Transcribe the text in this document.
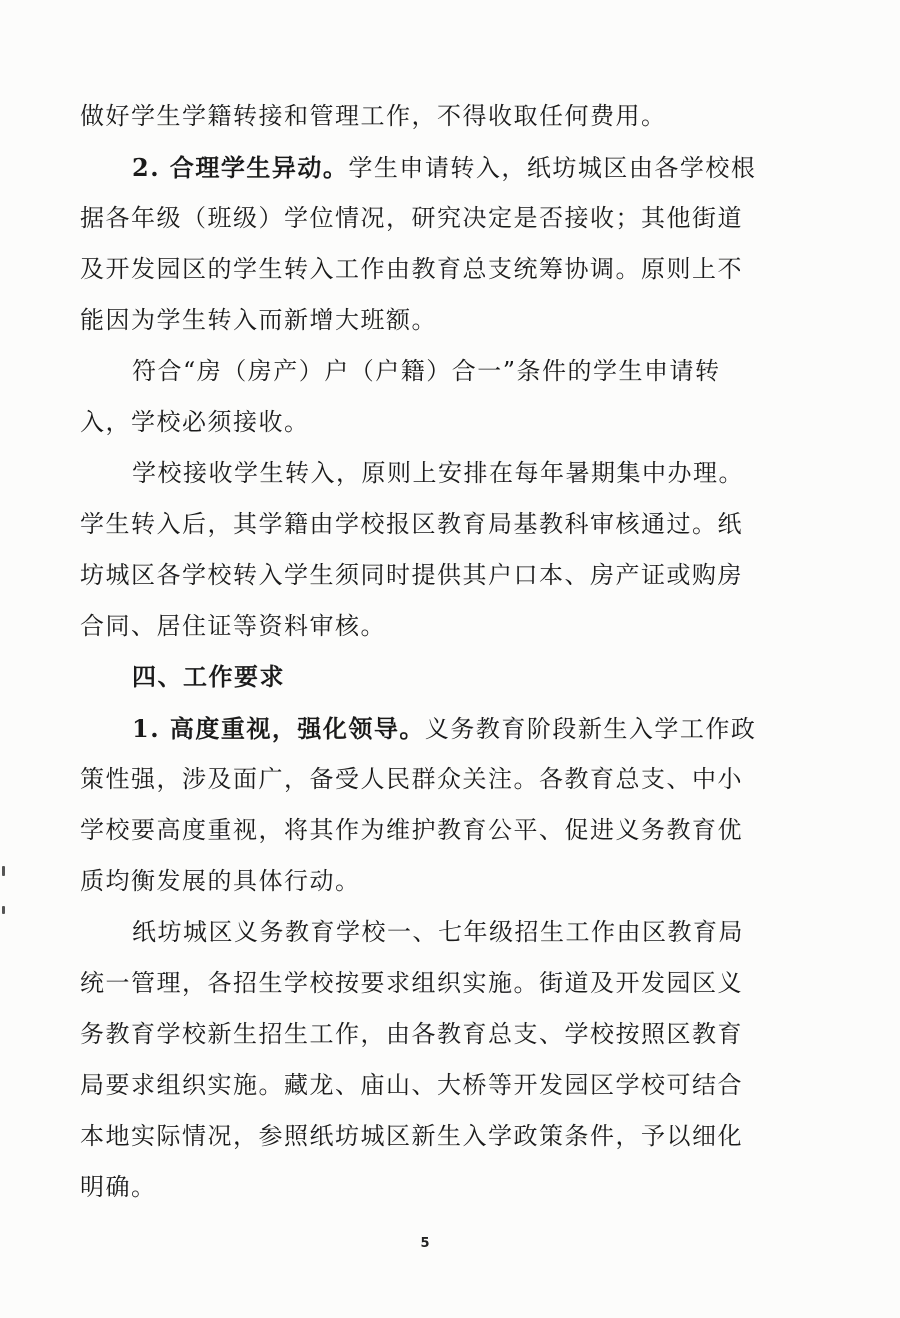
做好学生学籍转接和管理工作，不得收取任何费用。
2. 合理学生异动。学生申请转入，纸坊城区由各学校根
据各年级（班级）学位情况，研究决定是否接收；其他街道
及开发园区的学生转入工作由教育总支统筹协调。原则上不
能因为学生转入而新增大班额。
符合“房（房产）户（户籍）合一”条件的学生申请转
入，学校必须接收。
学校接收学生转入，原则上安排在每年暑期集中办理。
学生转入后，其学籍由学校报区教育局基教科审核通过。纸
坊城区各学校转入学生须同时提供其户口本、房产证或购房
合同、居住证等资料审核。
四、工作要求
1. 高度重视，强化领导。义务教育阶段新生入学工作政
策性强，涉及面广，备受人民群众关注。各教育总支、中小
学校要高度重视，将其作为维护教育公平、促进义务教育优
质均衡发展的具体行动。
纸坊城区义务教育学校一、七年级招生工作由区教育局
统一管理，各招生学校按要求组织实施。街道及开发园区义
务教育学校新生招生工作，由各教育总支、学校按照区教育
局要求组织实施。藏龙、庙山、大桥等开发园区学校可结合
本地实际情况，参照纸坊城区新生入学政策条件，予以细化
明确。
5
